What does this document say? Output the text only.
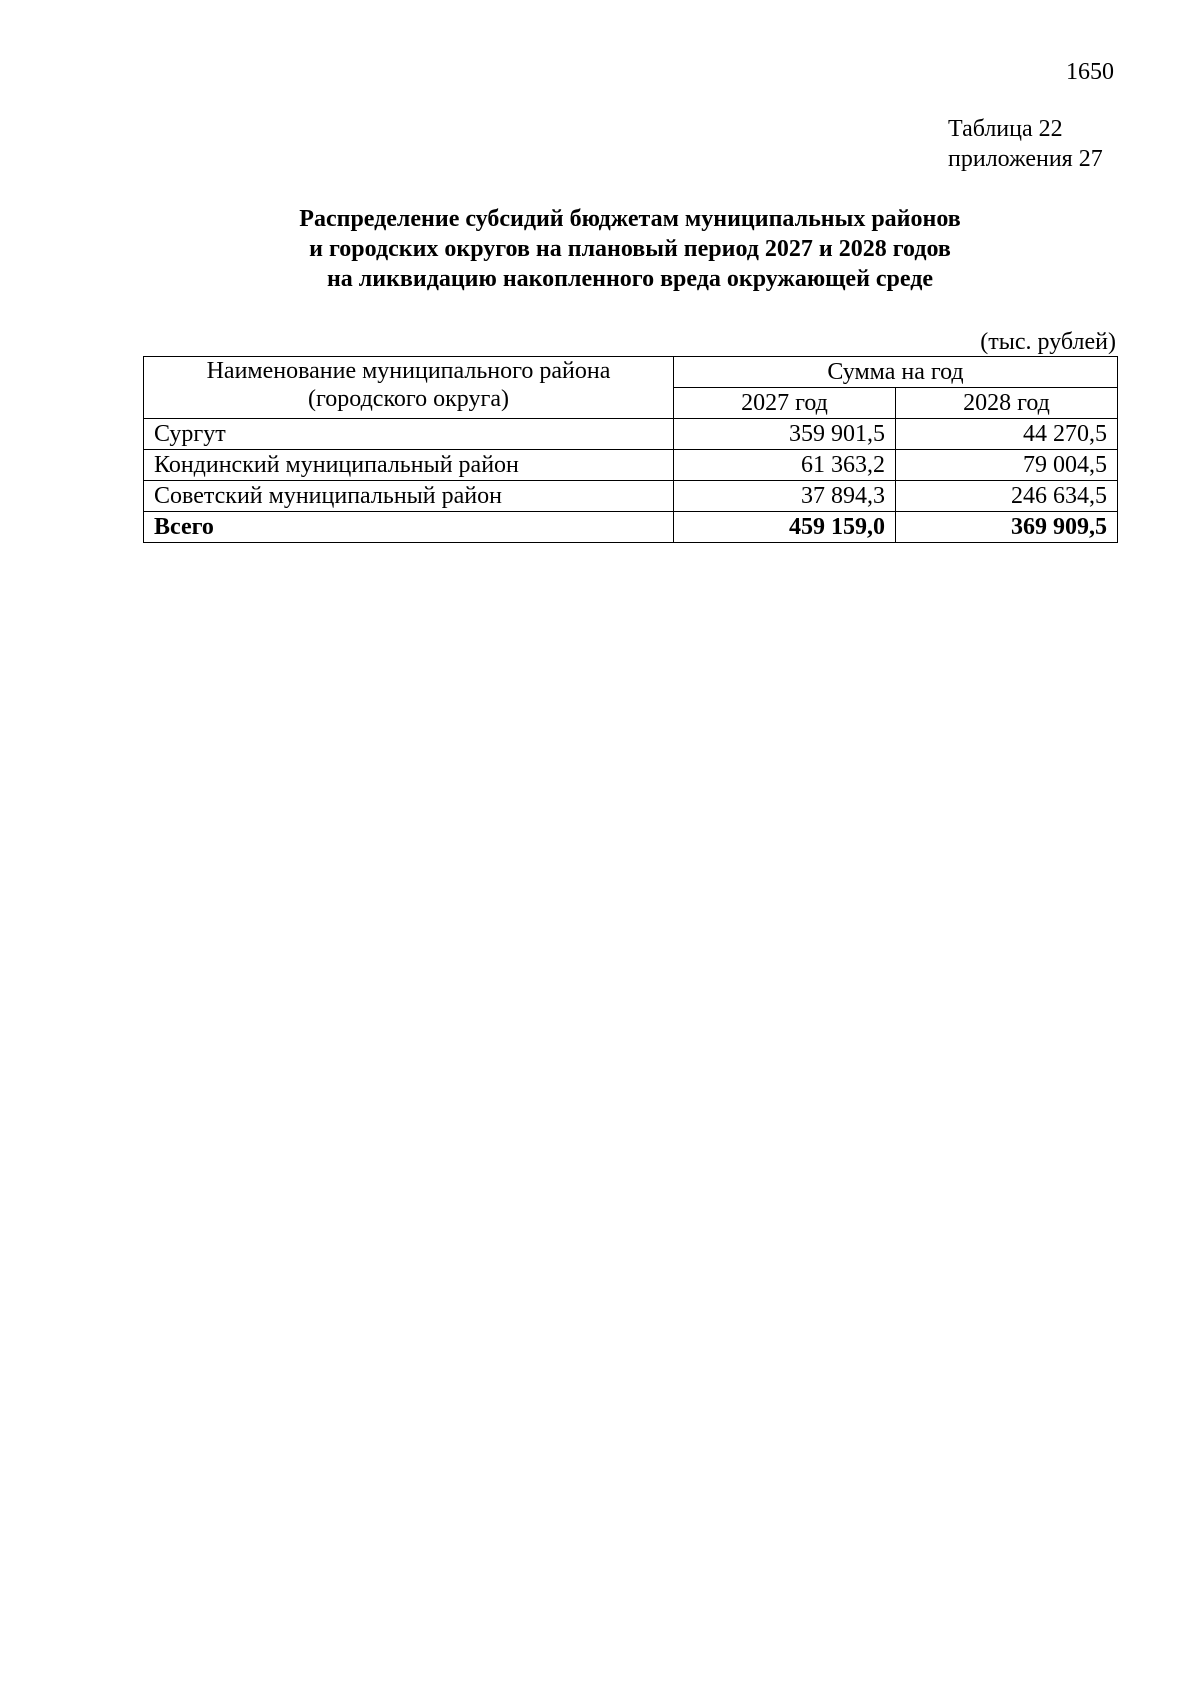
1650
Таблица 22
приложения 27
Распределение субсидий бюджетам муниципальных районов
и городских округов на плановый период 2027 и 2028 годов
на ликвидацию накопленного вреда окружающей среде
(тыс. рублей)
Наименование муниципального района
(городского округа)	Сумма на год	
	2027 год	2028 год
Сургут	359 901,5	44 270,5
Кондинский муниципальный район	61 363,2	79 004,5
Советский муниципальный район	37 894,3	246 634,5
Всего	459 159,0	369 909,5
